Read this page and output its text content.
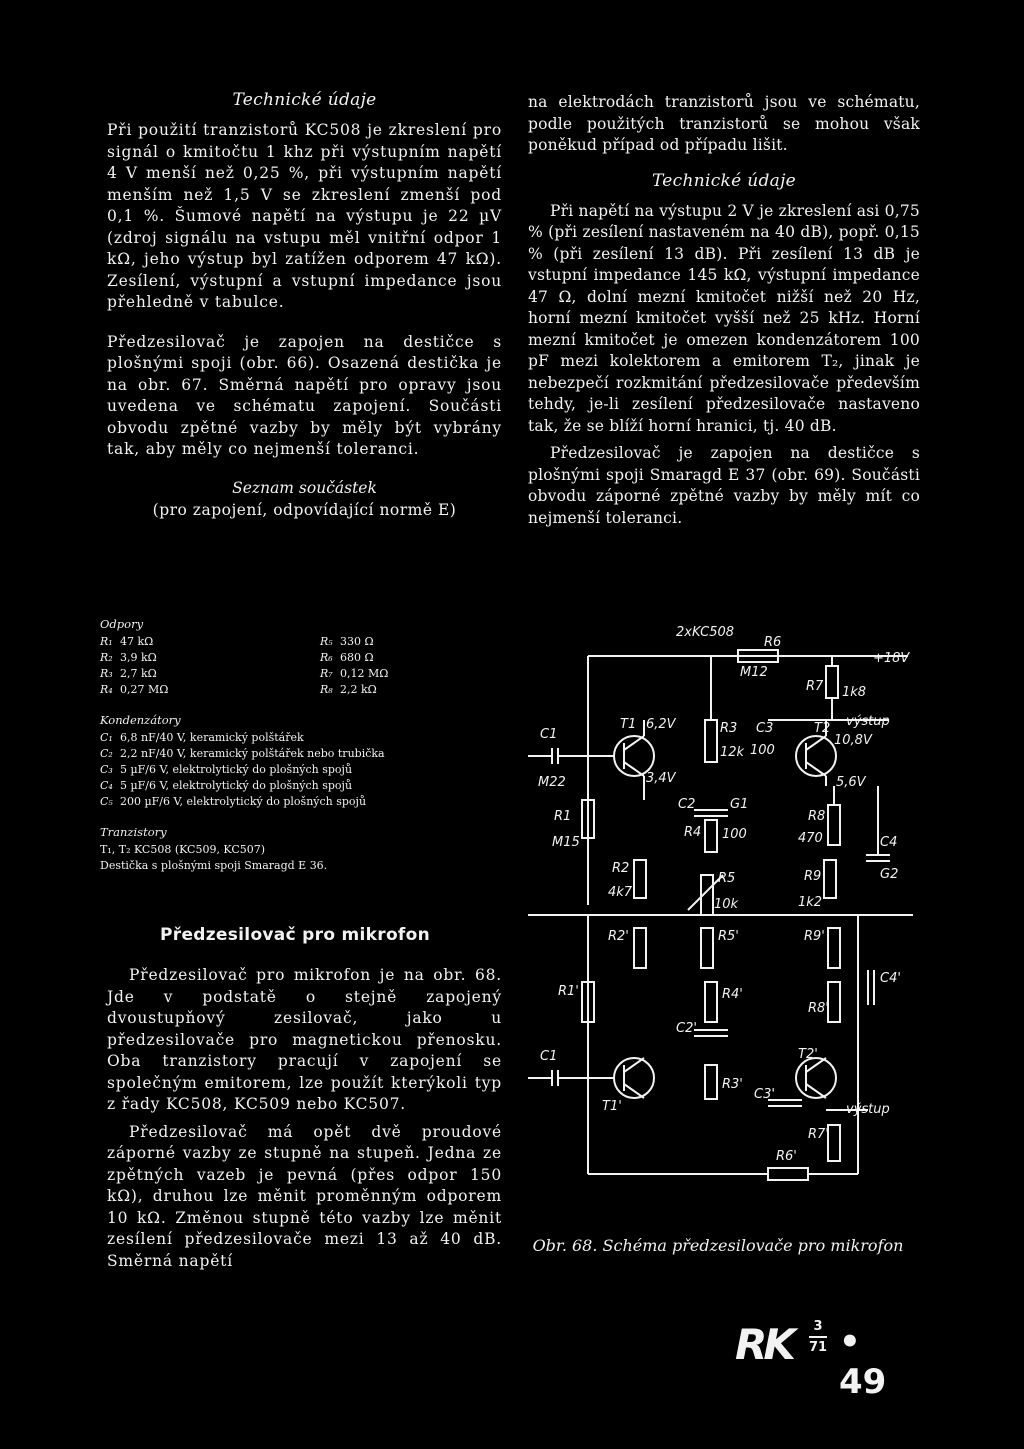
Technické údaje

Při použití tranzistorů KC508 je zkreslení pro signál o kmitočtu 1 khz při výstupním napětí 4 V menší než 0,25 %, při výstupním napětí menším než 1,5 V se zkreslení zmenší pod 0,1 %. Šumové napětí na výstupu je 22 µV (zdroj signálu na vstupu měl vnitřní odpor 1 kΩ, jeho výstup byl zatížen odporem 47 kΩ). Zesílení, výstupní a vstupní impedance jsou přehledně v tabulce.

Předzesilovač je zapojen na destičce s plošnými spoji (obr. 66). Osazená destička je na obr. 67. Směrná napětí pro opravy jsou uvedena ve schématu zapojení. Součásti obvodu zpětné vazby by měly být vybrány tak, aby měly co nejmenší toleranci.

Seznam součástek
(pro zapojení, odpovídající normě E)
Odpory
R₁ 47 kΩ	R₅ 330 Ω
R₂ 3,9 kΩ	R₆ 680 Ω
R₃ 2,7 kΩ	R₇ 0,12 MΩ
R₄ 0,27 MΩ	R₈ 2,2 kΩ
Kondenzátory
C₁ 6,8 nF/40 V, keramický polštářek
C₂ 2,2 nF/40 V, keramický polštářek nebo trubička
C₃ 5 µF/6 V, elektrolytický do plošných spojů
C₄ 5 µF/6 V, elektrolytický do plošných spojů
C₅ 200 µF/6 V, elektrolytický do plošných spojů
Tranzistory
T₁, T₂ KC508 (KC509, KC507)
Destička s plošnými spoji Smaragd E 36.
Předzesilovač pro mikrofon

Předzesilovač pro mikrofon je na obr. 68. Jde v podstatě o stejně zapojený dvoustupňový zesilovač, jako u předzesilovače pro magnetickou přenosku. Oba tranzistory pracují v zapojení se společným emitorem, lze použít kterýkoli typ z řady KC508, KC509 nebo KC507.

Předzesilovač má opět dvě proudové záporné vazby ze stupně na stupeň. Jedna ze zpětných vazeb je pevná (přes odpor 150 kΩ), druhou lze měnit proměnným odporem 10 kΩ. Změnou stupně této vazby lze měnit zesílení předzesilovače mezi 13 až 40 dB. Směrná napětí

na elektrodách tranzistorů jsou ve schématu, podle použitých tranzistorů se mohou však poněkud případ od případu lišit.

Technické údaje

Při napětí na výstupu 2 V je zkreslení asi 0,75 % (při zesílení nastaveném na 40 dB), popř. 0,15 % (při zesílení 13 dB). Při zesílení 13 dB je vstupní impedance 145 kΩ, výstupní impedance 47 Ω, dolní mezní kmitočet nižší než 20 Hz, horní mezní kmitočet vyšší než 25 kHz. Horní mezní kmitočet je omezen kondenzátorem 100 pF mezi kolektorem a emitorem T₂, jinak je nebezpečí rozkmitání předzesilovače především tehdy, je-li zesílení předzesilovače nastaveno tak, že se blíží horní hranici, tj. 40 dB.

Předzesilovač je zapojen na destičce s plošnými spoji Smaragd E 37 (obr. 69). Součásti obvodu záporné zpětné vazby by měly mít co nejmenší toleranci.

2xKC508
+18V
výstup
výstup
R6
M12
R7 1k8
C1
M22
T1 6,2V	R3
12k
C3	T2
100
10,8V
3,4V
C2	G1
5,6V
R1
M15
R4 100
R8
470	C4
G2
R2
4k7
R5
10k
R9
1k2
R2'	R5'	R9'
R1'	R4'
R8'
C4'
C2'
C1	T2'
T1'
R3'
C3'
R7'
R6'
Obr. 68. Schéma předzesilovače pro mikrofon
RK	3
71 • 49
